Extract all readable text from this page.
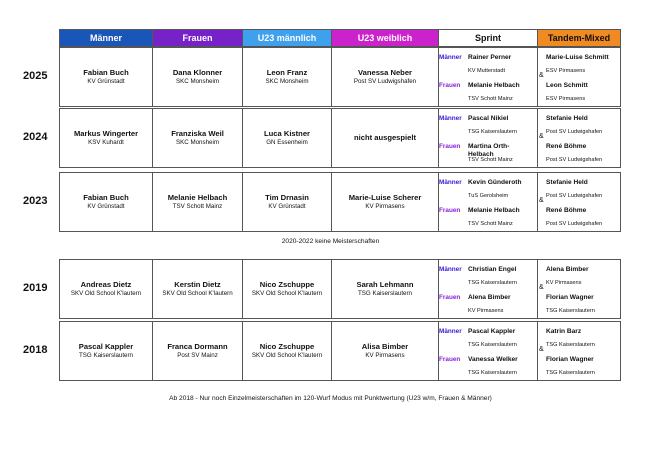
Männer	Frauen	U23 männlich	U23 weiblich	Sprint	Tandem-Mixed
2025	Fabian Buch
KV Grünstadt

Dana Klonner
SKC Monsheim

Leon Franz
SKC Monsheim

Vanessa Neber
Post SV Ludwigshafen

Männer Rainer Perner
KV Mutterstadt
Frauen Melanie Helbach
TSV Schott Mainz

Marie-Luise Schmitt
ESV Pirmasens
&
Leon Schmitt
ESV Pirmasens
2024	Markus Wingerter
KSV Kuhardt

Franziska Weil
SKC Monsheim

Luca Kistner
GN Essenheim

nicht ausgespielt

Männer Pascal Nikiel
TSG Kaiserslautern
Frauen Martina Orth-Helbach
TSV Schott Mainz

Stefanie Held
Post SV Ludwigshafen
&
René Böhme
Post SV Ludwigshafen
2023	Fabian Buch
KV Grünstadt

Melanie Helbach
TSV Schott Mainz

Tim Drnasin
KV Grünstadt

Marie-Luise Scherer
KV Pirmasens

Männer Kevin Günderoth
TuS Gerolsheim
Frauen Melanie Helbach
TSV Schott Mainz

Stefanie Held
Post SV Ludwigshafen
&
René Böhme
Post SV Ludwigshafen
2019	Andreas Dietz
SKV Old School K'lautern

Kerstin Dietz
SKV Old School K'lautern

Nico Zschuppe
SKV Old School K'lautern

Sarah Lehmann
TSG Kaiserslautern

Männer Christian Engel
TSG Kaiserslautern
Frauen Alena Bimber
KV Pirmasens

Alena Bimber
KV Pirmasens
&
Florian Wagner
TSG Kaiserslautern
2018	Pascal Kappler
TSG Kaiserslautern

Franca Dormann
Post SV Mainz

Nico Zschuppe
SKV Old School K'lautern

Alisa Bimber
KV Pirmasens

Männer Pascal Kappler
TSG Kaiserslautern
Frauen Vanessa Welker
TSG Kaiserslautern

Katrin Barz
TSG Kaiserslautern
&
Florian Wagner
TSG Kaiserslautern
2020-2022 keine Meisterschaften
Ab 2018 - Nur noch Einzelmeisterschaften im 120-Wurf Modus mit Punktwertung (U23 w/m, Frauen & Männer)
